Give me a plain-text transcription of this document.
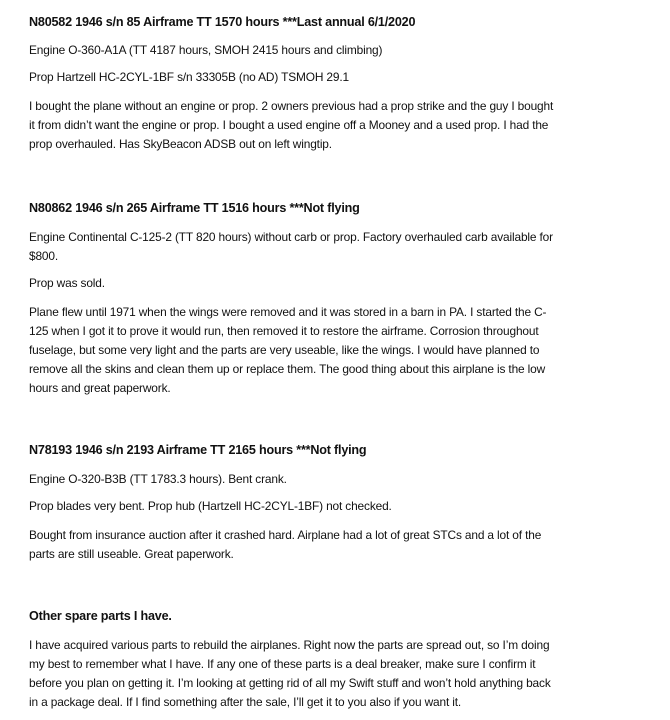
N80582 1946 s/n 85 Airframe TT 1570 hours ***Last annual 6/1/2020
Engine O-360-A1A (TT 4187 hours, SMOH 2415 hours and climbing)
Prop Hartzell HC-2CYL-1BF s/n 33305B (no AD) TSMOH 29.1
I bought the plane without an engine or prop. 2 owners previous had a prop strike and the guy I bought
it from didn’t want the engine or prop. I bought a used engine off a Mooney and a used prop. I had the
prop overhauled. Has SkyBeacon ADSB out on left wingtip.
N80862 1946 s/n 265 Airframe TT 1516 hours ***Not flying
Engine Continental C-125-2 (TT 820 hours) without carb or prop. Factory overhauled carb available for
$800.
Prop was sold.
Plane flew until 1971 when the wings were removed and it was stored in a barn in PA. I started the C-
125 when I got it to prove it would run, then removed it to restore the airframe. Corrosion throughout
fuselage, but some very light and the parts are very useable, like the wings. I would have planned to
remove all the skins and clean them up or replace them. The good thing about this airplane is the low
hours and great paperwork.
N78193 1946 s/n 2193 Airframe TT 2165 hours ***Not flying
Engine O-320-B3B (TT 1783.3 hours). Bent crank.
Prop blades very bent. Prop hub (Hartzell HC-2CYL-1BF) not checked.
Bought from insurance auction after it crashed hard. Airplane had a lot of great STCs and a lot of the
parts are still useable. Great paperwork.
Other spare parts I have.
I have acquired various parts to rebuild the airplanes. Right now the parts are spread out, so I’m doing
my best to remember what I have. If any one of these parts is a deal breaker, make sure I confirm it
before you plan on getting it. I’m looking at getting rid of all my Swift stuff and won’t hold anything back
in a package deal. If I find something after the sale, I’ll get it to you also if you want it.
